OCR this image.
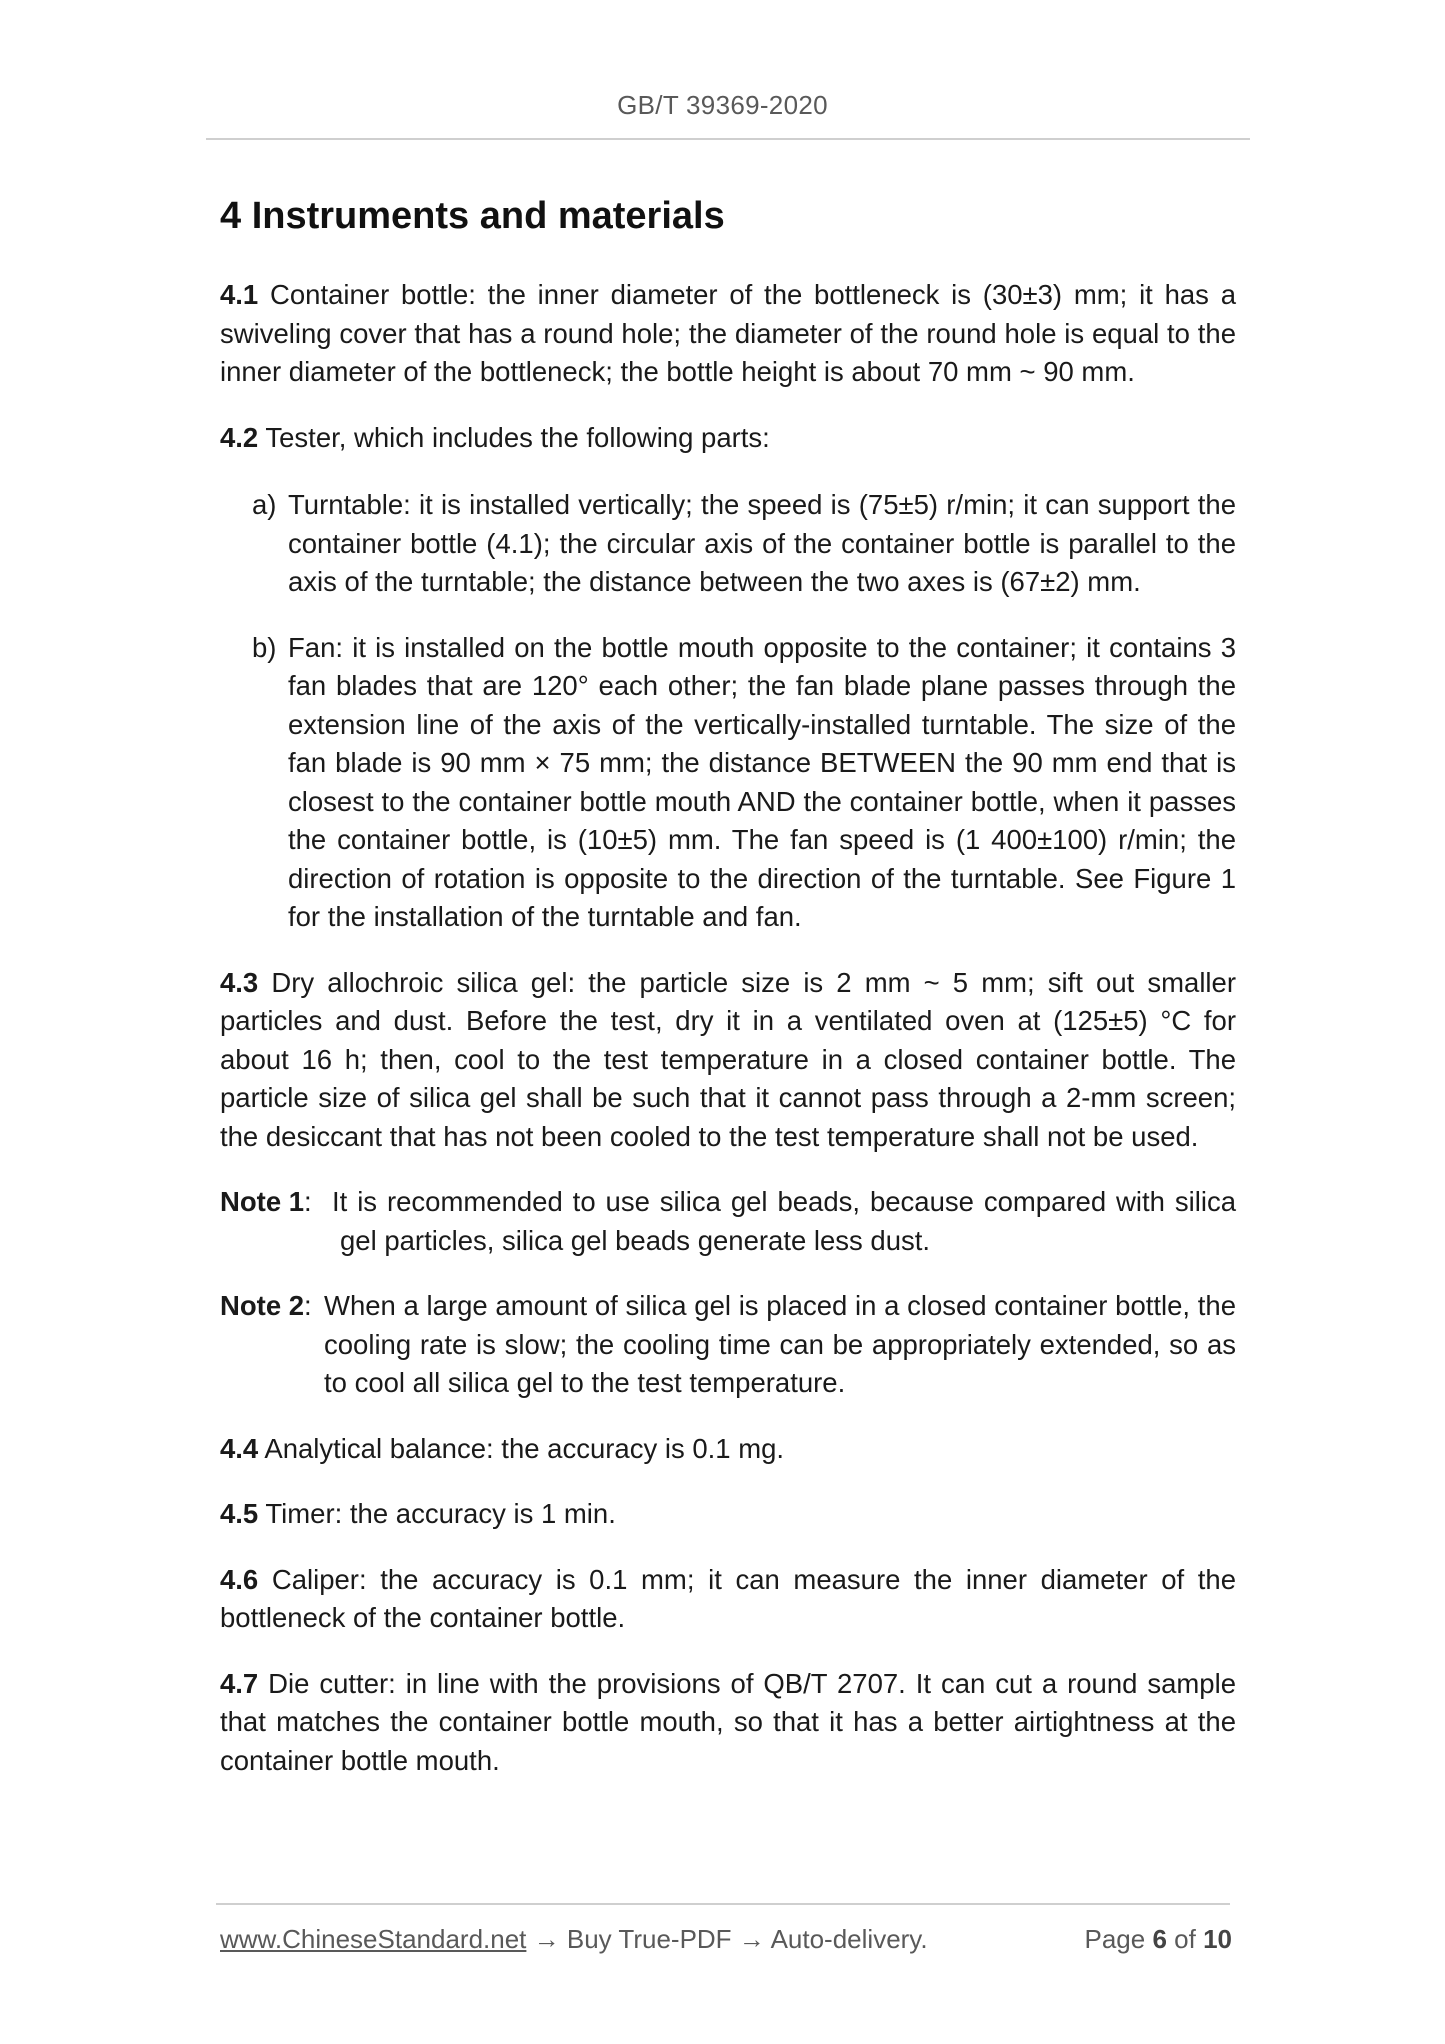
GB/T 39369-2020
4 Instruments and materials

4.1 Container bottle: the inner diameter of the bottleneck is (30±3) mm; it has a swiveling cover that has a round hole; the diameter of the round hole is equal to the inner diameter of the bottleneck; the bottle height is about 70 mm ~ 90 mm.

4.2 Tester, which includes the following parts:

a) Turntable: it is installed vertically; the speed is (75±5) r/min; it can support the container bottle (4.1); the circular axis of the container bottle is parallel to the axis of the turntable; the distance between the two axes is (67±2) mm.
b) Fan: it is installed on the bottle mouth opposite to the container; it contains 3 fan blades that are 120° each other; the fan blade plane passes through the extension line of the axis of the vertically-installed turntable. The size of the fan blade is 90 mm × 75 mm; the distance BETWEEN the 90 mm end that is closest to the container bottle mouth AND the container bottle, when it passes the container bottle, is (10±5) mm. The fan speed is (1 400±100) r/min; the direction of rotation is opposite to the direction of the turntable. See Figure 1 for the installation of the turntable and fan.

4.3 Dry allochroic silica gel: the particle size is 2 mm ~ 5 mm; sift out smaller particles and dust. Before the test, dry it in a ventilated oven at (125±5) °C for about 16 h; then, cool to the test temperature in a closed container bottle. The particle size of silica gel shall be such that it cannot pass through a 2-mm screen; the desiccant that has not been cooled to the test temperature shall not be used.

Note 1: It is recommended to use silica gel beads, because compared with silica gel particles, silica gel beads generate less dust.
Note 2: When a large amount of silica gel is placed in a closed container bottle, the cooling rate is slow; the cooling time can be appropriately extended, so as to cool all silica gel to the test temperature.

4.4 Analytical balance: the accuracy is 0.1 mg.

4.5 Timer: the accuracy is 1 min.

4.6 Caliper: the accuracy is 0.1 mm; it can measure the inner diameter of the bottleneck of the container bottle.

4.7 Die cutter: in line with the provisions of QB/T 2707. It can cut a round sample that matches the container bottle mouth, so that it has a better airtightness at the container bottle mouth.

www.ChineseStandard.net → Buy True-PDF → Auto-delivery.	Page 6 of 10
